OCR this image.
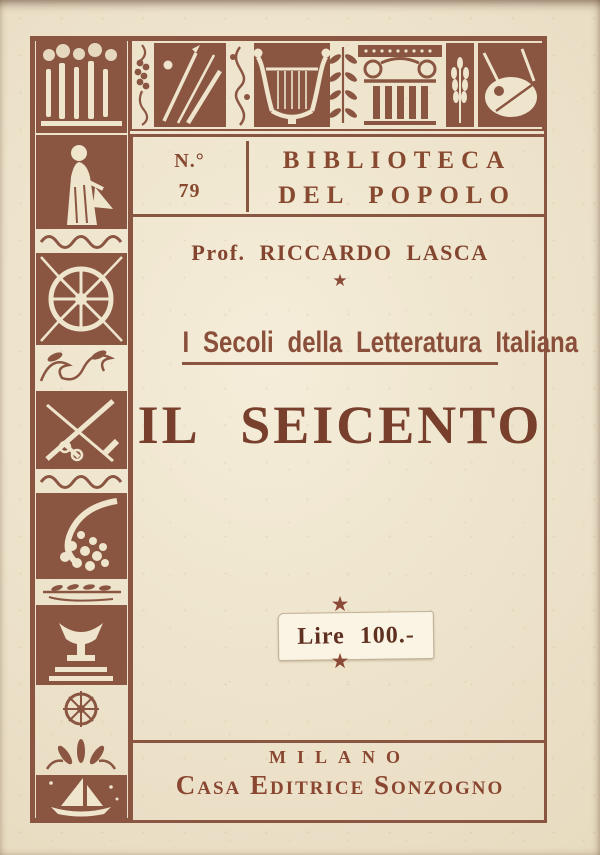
N.°
79
BIBLIOTECA
DEL POPOLO
Prof. RICCARDO LASCA
★
I Secoli della Letteratura Italiana
IL SEICENTO
★
Lire 100.-
★
MILANO
Casa Editrice Sonzogno
